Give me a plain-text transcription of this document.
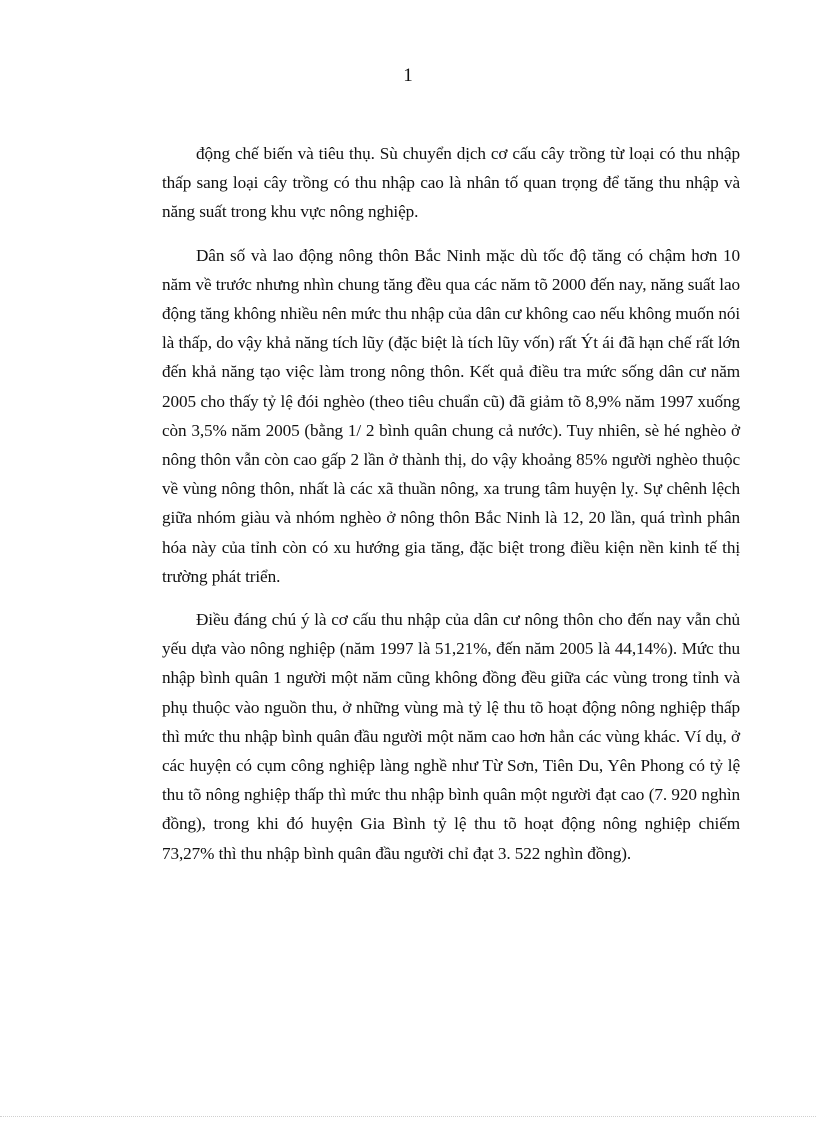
1

động chế biến và tiêu thụ. Sù chuyển dịch cơ cấu cây trồng từ loại có thu nhập thấp sang loại cây trồng có thu nhập cao là nhân tố quan trọng để tăng thu nhập và năng suất trong khu vực nông nghiệp.

Dân số và lao động nông thôn Bắc Ninh mặc dù tốc độ tăng có chậm hơn 10 năm về trước nhưng nhìn chung tăng đều qua các năm tõ 2000 đến nay, năng suất lao động tăng không nhiều nên mức thu nhập của dân cư không cao nếu không muốn nói là thấp, do vậy khả năng tích lũy (đặc biệt là tích lũy vốn) rất Ýt ái đã hạn chế rất lớn đến khả năng tạo việc làm trong nông thôn. Kết quả điều tra mức sống dân cư năm 2005 cho thấy tỷ lệ đói nghèo (theo tiêu chuẩn cũ) đã giảm tõ 8,9% năm 1997 xuống còn 3,5% năm 2005 (bằng 1/ 2 bình quân chung cả nước). Tuy nhiên, sè hé nghèo ở nông thôn vẫn còn cao gấp 2 lần ở thành thị, do vậy khoảng 85% người nghèo thuộc về vùng nông thôn, nhất là các xã thuần nông, xa trung tâm huyện lỵ. Sự chênh lệch giữa nhóm giàu và nhóm nghèo ở nông thôn Bắc Ninh là 12, 20 lần, quá trình phân hóa này của tỉnh còn có xu hướng gia tăng, đặc biệt trong điều kiện nền kinh tế thị trường phát triển.

Điều đáng chú ý là cơ cấu thu nhập của dân cư nông thôn cho đến nay vẫn chủ yếu dựa vào nông nghiệp (năm 1997 là 51,21%, đến năm 2005 là 44,14%). Mức thu nhập bình quân 1 người một năm cũng không đồng đều giữa các vùng trong tỉnh và phụ thuộc vào nguồn thu, ở những vùng mà tỷ lệ thu tõ hoạt động nông nghiệp thấp thì mức thu nhập bình quân đầu người một năm cao hơn hẳn các vùng khác. Ví dụ, ở các huyện có cụm công nghiệp làng nghề như Từ Sơn, Tiên Du, Yên Phong có tỷ lệ thu tõ nông nghiệp thấp thì mức thu nhập bình quân một người đạt cao (7. 920 nghìn đồng), trong khi đó huyện Gia Bình tỷ lệ thu tõ hoạt động nông nghiệp chiếm 73,27% thì thu nhập bình quân đầu người chỉ đạt 3. 522 nghìn đồng).
